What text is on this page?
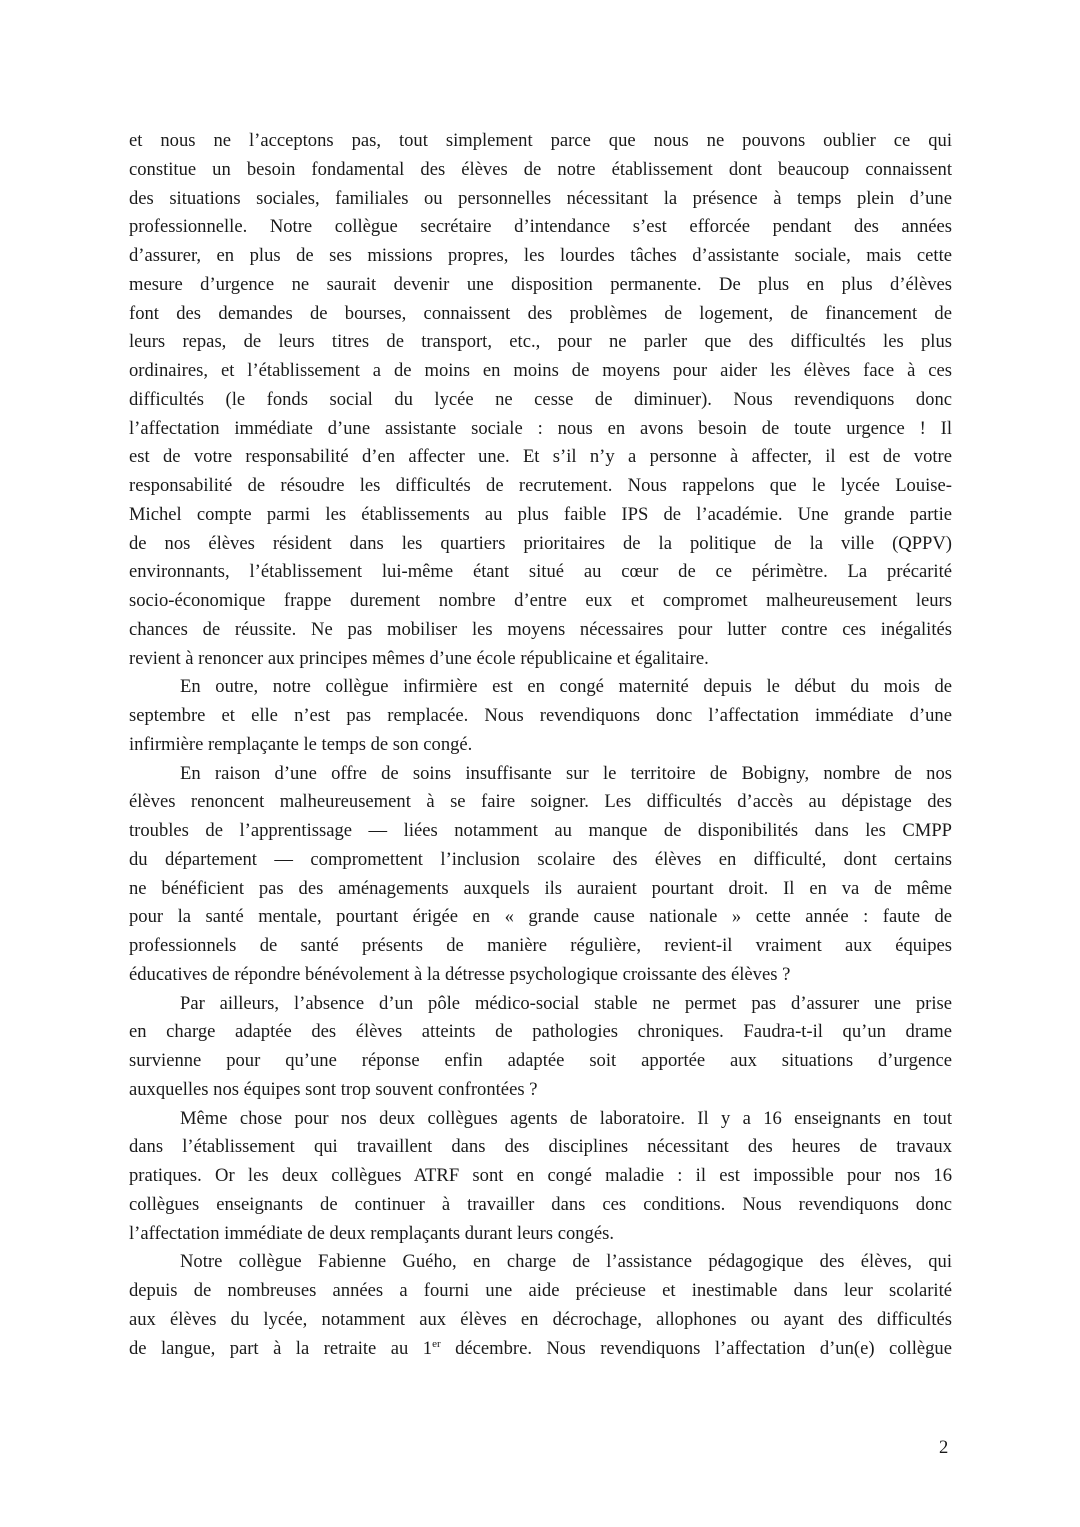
et nous ne l’acceptons pas, tout simplement parce que nous ne pouvons oublier ce qui
constitue un besoin fondamental des élèves de notre établissement dont beaucoup connaissent
des situations sociales, familiales ou personnelles nécessitant la présence à temps plein d’une
professionnelle. Notre collègue secrétaire d’intendance s’est efforcée pendant des années
d’assurer, en plus de ses missions propres, les lourdes tâches d’assistante sociale, mais cette
mesure d’urgence ne saurait devenir une disposition permanente. De plus en plus d’élèves
font des demandes de bourses, connaissent des problèmes de logement, de financement de
leurs repas, de leurs titres de transport, etc., pour ne parler que des difficultés les plus
ordinaires, et l’établissement a de moins en moins de moyens pour aider les élèves face à ces
difficultés (le fonds social du lycée ne cesse de diminuer). Nous revendiquons donc
l’affectation immédiate d’une assistante sociale : nous en avons besoin de toute urgence ! Il
est de votre responsabilité d’en affecter une. Et s’il n’y a personne à affecter, il est de votre
responsabilité de résoudre les difficultés de recrutement. Nous rappelons que le lycée Louise-
Michel compte parmi les établissements au plus faible IPS de l’académie. Une grande partie
de nos élèves résident dans les quartiers prioritaires de la politique de la ville (QPPV)
environnants, l’établissement lui-même étant situé au cœur de ce périmètre. La précarité
socio-économique frappe durement nombre d’entre eux et compromet malheureusement leurs
chances de réussite. Ne pas mobiliser les moyens nécessaires pour lutter contre ces inégalités
revient à renoncer aux principes mêmes d’une école républicaine et égalitaire.
En outre, notre collègue infirmière est en congé maternité depuis le début du mois de
septembre et elle n’est pas remplacée. Nous revendiquons donc l’affectation immédiate d’une
infirmière remplaçante le temps de son congé.
En raison d’une offre de soins insuffisante sur le territoire de Bobigny, nombre de nos
élèves renoncent malheureusement à se faire soigner. Les difficultés d’accès au dépistage des
troubles de l’apprentissage — liées notamment au manque de disponibilités dans les CMPP
du département — compromettent l’inclusion scolaire des élèves en difficulté, dont certains
ne bénéficient pas des aménagements auxquels ils auraient pourtant droit. Il en va de même
pour la santé mentale, pourtant érigée en « grande cause nationale » cette année : faute de
professionnels de santé présents de manière régulière, revient-il vraiment aux équipes
éducatives de répondre bénévolement à la détresse psychologique croissante des élèves ?
Par ailleurs, l’absence d’un pôle médico-social stable ne permet pas d’assurer une prise
en charge adaptée des élèves atteints de pathologies chroniques. Faudra-t-il qu’un drame
survienne pour qu’une réponse enfin adaptée soit apportée aux situations d’urgence
auxquelles nos équipes sont trop souvent confrontées ?
Même chose pour nos deux collègues agents de laboratoire. Il y a 16 enseignants en tout
dans l’établissement qui travaillent dans des disciplines nécessitant des heures de travaux
pratiques. Or les deux collègues ATRF sont en congé maladie : il est impossible pour nos 16
collègues enseignants de continuer à travailler dans ces conditions. Nous revendiquons donc
l’affectation immédiate de deux remplaçants durant leurs congés.
Notre collègue Fabienne Guého, en charge de l’assistance pédagogique des élèves, qui
depuis de nombreuses années a fourni une aide précieuse et inestimable dans leur scolarité
aux élèves du lycée, notamment aux élèves en décrochage, allophones ou ayant des difficultés
de langue, part à la retraite au 1er décembre. Nous revendiquons l’affectation d’un(e) collègue
2
